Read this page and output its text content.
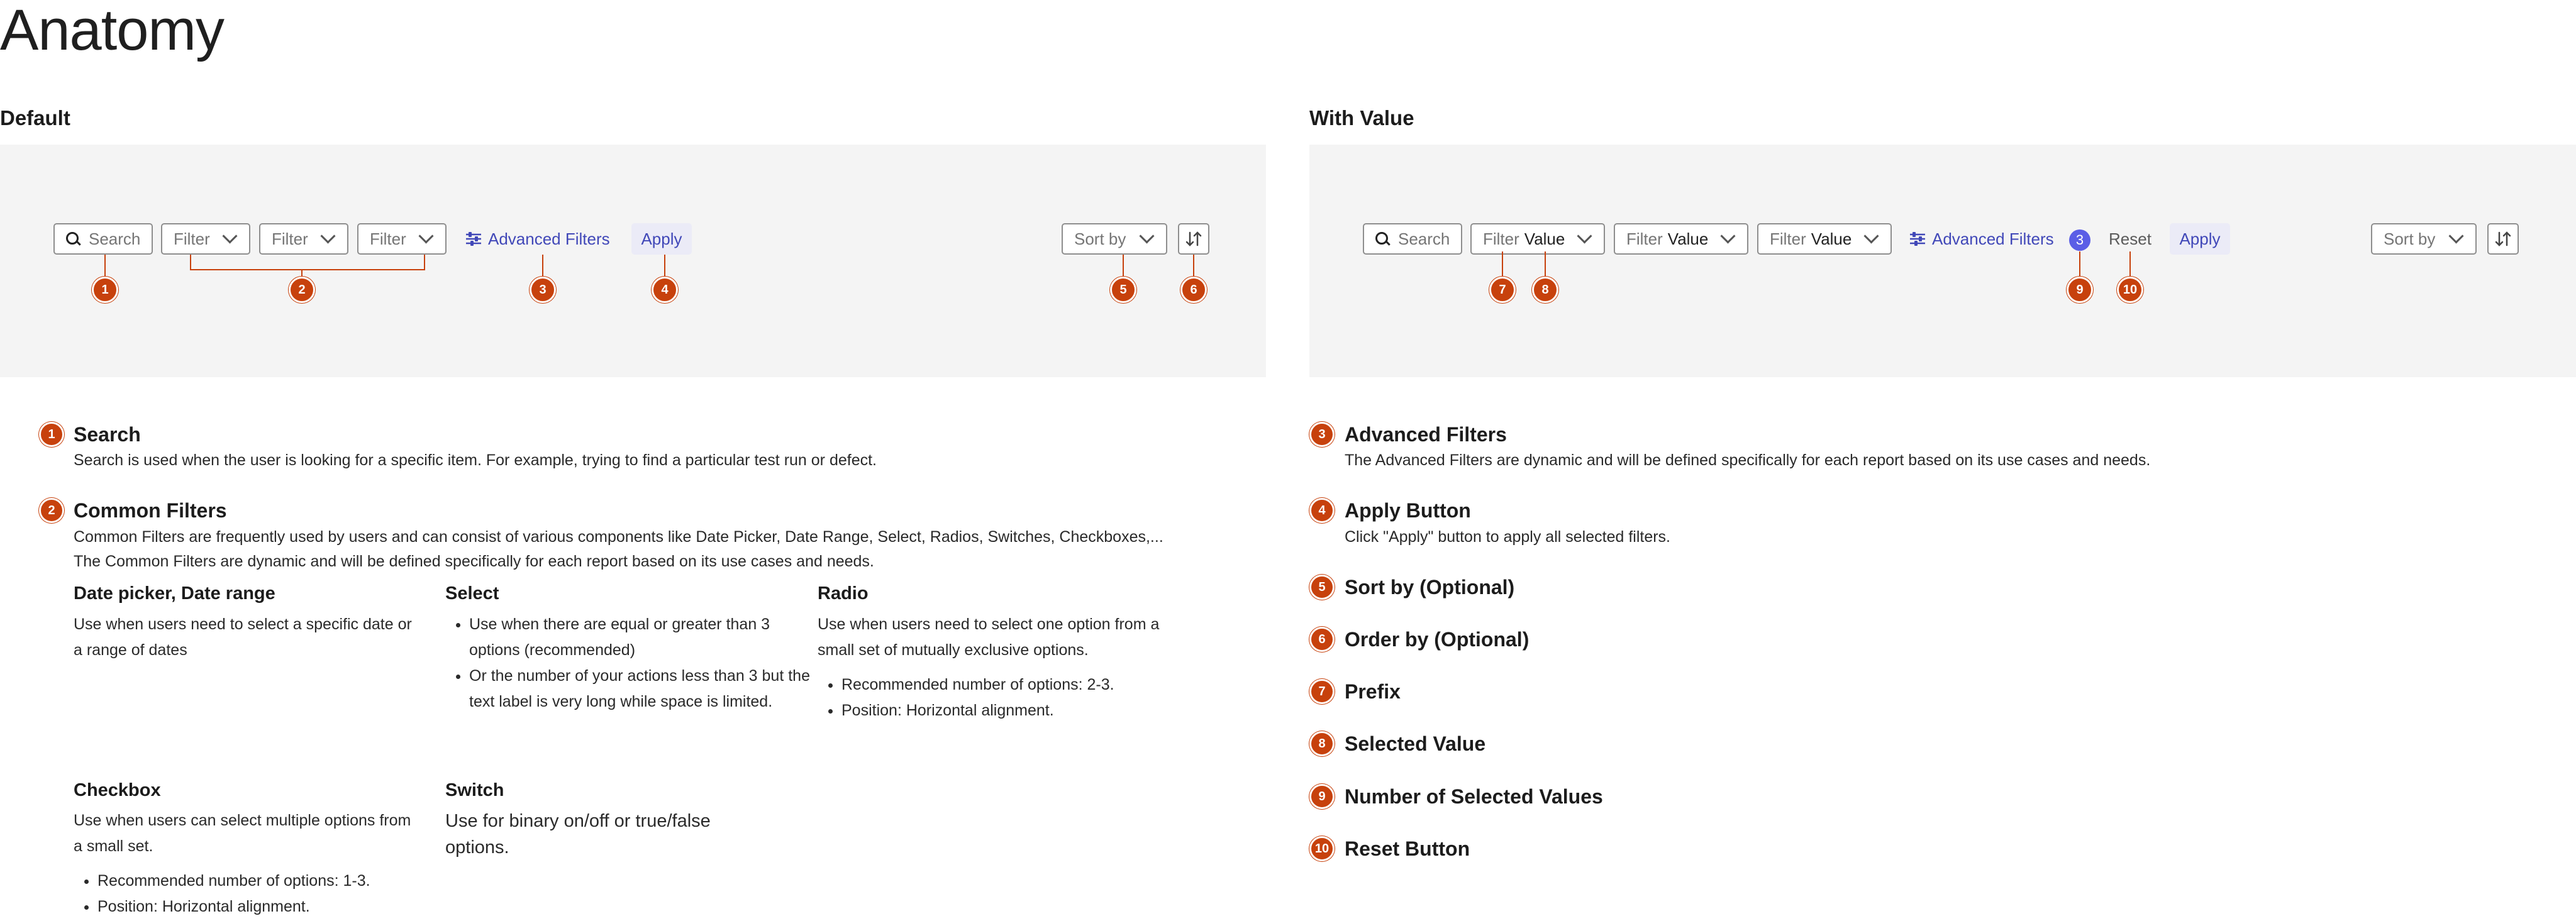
Anatomy
Default
Search Filter	Filter	Filter	Advanced Filters Apply	Sort by
1	2	3	4	5	6
With Value
Search Filter Value	Filter Value	Filter Value	Advanced Filters	3	Reset Apply	Sort by
7	8	9	10
1 Search
Search is used when the user is looking for a specific item. For example, trying to find a particular test run or defect.
2 Common Filters
Common Filters are frequently used by users and can consist of various components like Date Picker, Date Range, Select, Radios, Switches, Checkboxes,...
The Common Filters are dynamic and will be defined specifically for each report based on its use cases and needs.
Date picker, Date range
Use when users need to select a specific date or a range of dates
Select
• Use when there are equal or greater than 3 options (recommended)
• Or the number of your actions less than 3 but the text label is very long while space is limited.
Radio
Use when users need to select one option from a small set of mutually exclusive options.
• Recommended number of options: 2-3.
• Position: Horizontal alignment.
Checkbox
Use when users can select multiple options from a small set.
• Recommended number of options: 1-3.
• Position: Horizontal alignment.
Switch
Use for binary on/off or true/false options.
3 Advanced Filters
The Advanced Filters are dynamic and will be defined specifically for each report based on its use cases and needs.
4 Apply Button
Click "Apply" button to apply all selected filters.
5 Sort by (Optional)
6 Order by (Optional)
7 Prefix
8 Selected Value
9 Number of Selected Values
10 Reset Button
